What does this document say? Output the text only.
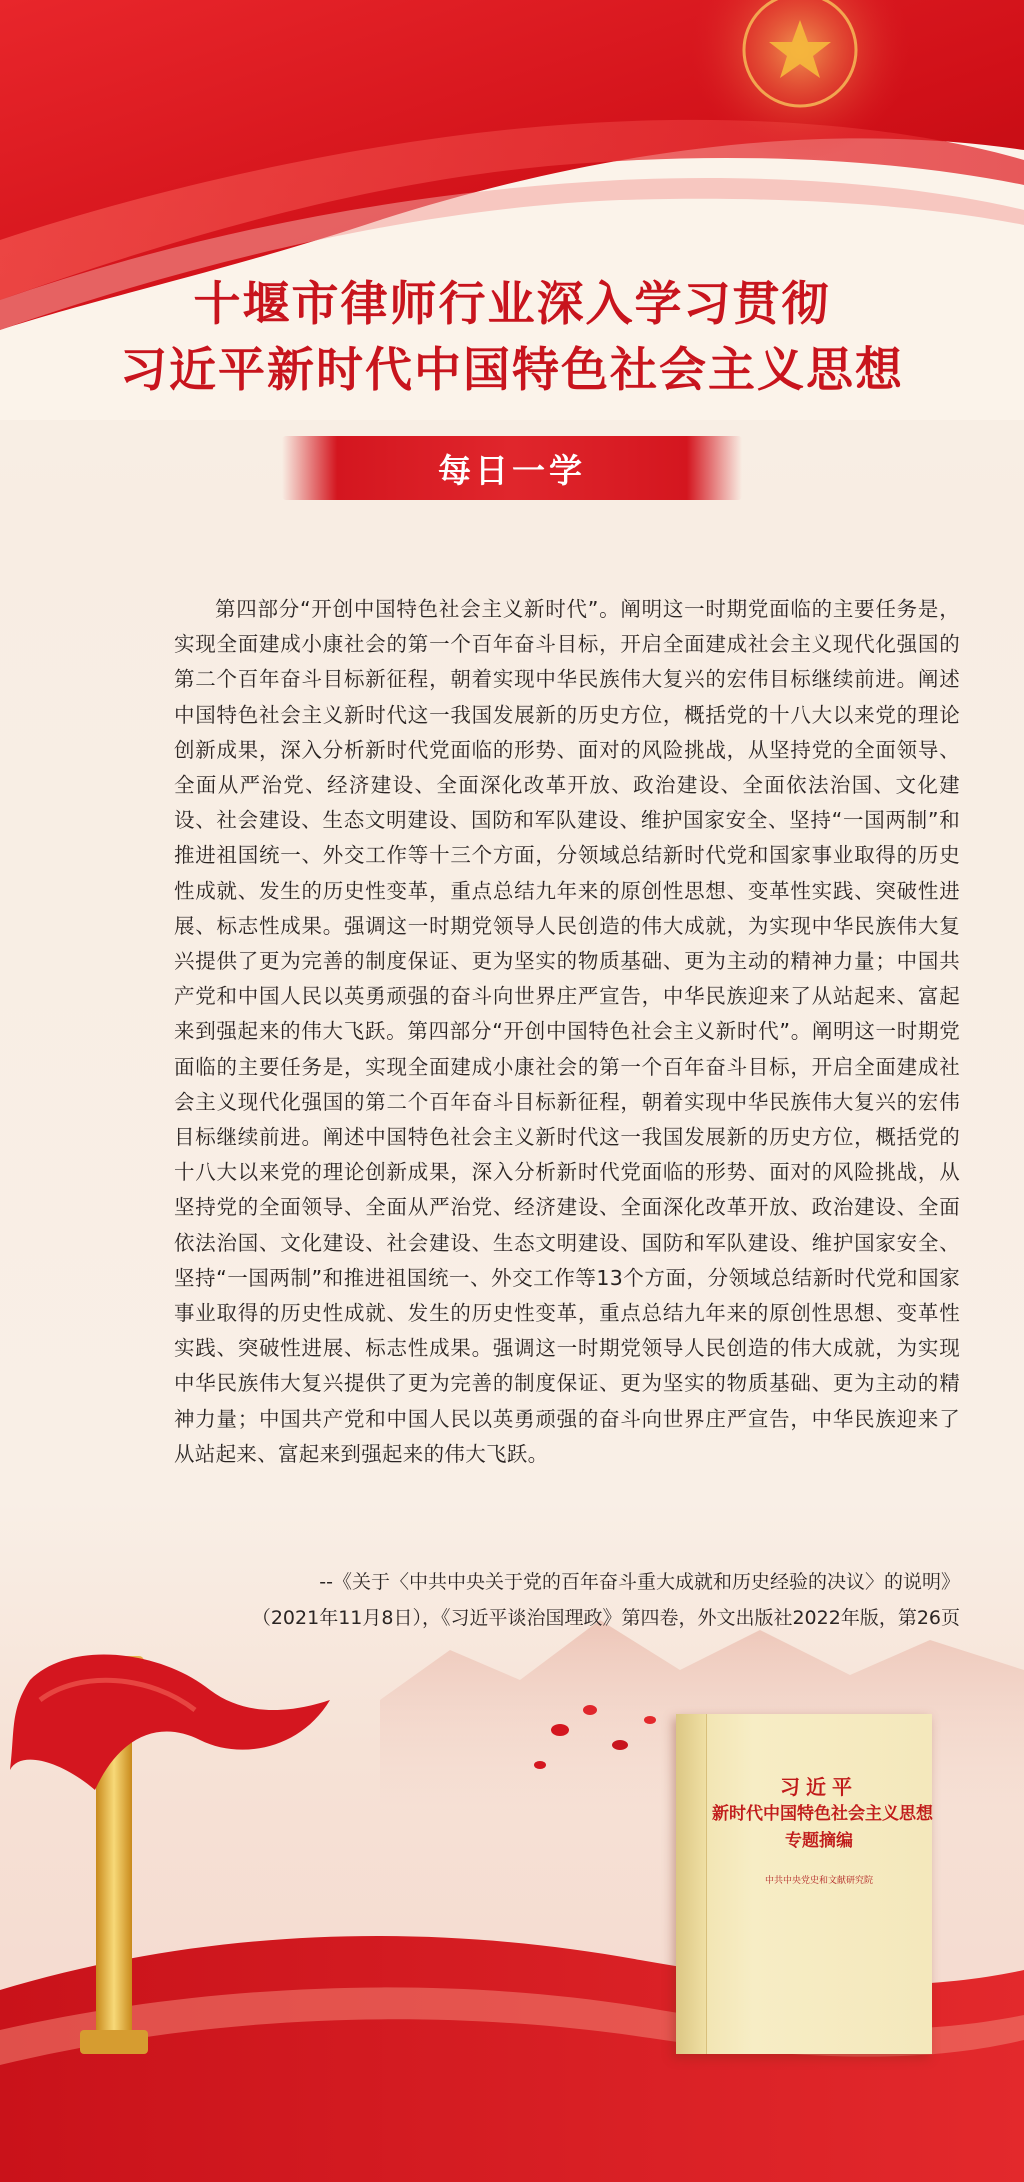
十堰市律师行业深入学习贯彻
习近平新时代中国特色社会主义思想
每日一学
第四部分“开创中国特色社会主义新时代”。阐明这一时期党面临的主要任务是，实现全面建成小康社会的第一个百年奋斗目标，开启全面建成社会主义现代化强国的第二个百年奋斗目标新征程，朝着实现中华民族伟大复兴的宏伟目标继续前进。阐述中国特色社会主义新时代这一我国发展新的历史方位，概括党的十八大以来党的理论创新成果，深入分析新时代党面临的形势、面对的风险挑战，从坚持党的全面领导、全面从严治党、经济建设、全面深化改革开放、政治建设、全面依法治国、文化建设、社会建设、生态文明建设、国防和军队建设、维护国家安全、坚持“一国两制”和推进祖国统一、外交工作等十三个方面，分领域总结新时代党和国家事业取得的历史性成就、发生的历史性变革，重点总结九年来的原创性思想、变革性实践、突破性进展、标志性成果。强调这一时期党领导人民创造的伟大成就，为实现中华民族伟大复兴提供了更为完善的制度保证、更为坚实的物质基础、更为主动的精神力量；中国共产党和中国人民以英勇顽强的奋斗向世界庄严宣告，中华民族迎来了从站起来、富起来到强起来的伟大飞跃。第四部分“开创中国特色社会主义新时代”。阐明这一时期党面临的主要任务是，实现全面建成小康社会的第一个百年奋斗目标，开启全面建成社会主义现代化强国的第二个百年奋斗目标新征程，朝着实现中华民族伟大复兴的宏伟目标继续前进。阐述中国特色社会主义新时代这一我国发展新的历史方位，概括党的十八大以来党的理论创新成果，深入分析新时代党面临的形势、面对的风险挑战，从坚持党的全面领导、全面从严治党、经济建设、全面深化改革开放、政治建设、全面依法治国、文化建设、社会建设、生态文明建设、国防和军队建设、维护国家安全、坚持“一国两制”和推进祖国统一、外交工作等13个方面，分领域总结新时代党和国家事业取得的历史性成就、发生的历史性变革，重点总结九年来的原创性思想、变革性实践、突破性进展、标志性成果。强调这一时期党领导人民创造的伟大成就，为实现中华民族伟大复兴提供了更为完善的制度保证、更为坚实的物质基础、更为主动的精神力量；中国共产党和中国人民以英勇顽强的奋斗向世界庄严宣告，中华民族迎来了从站起来、富起来到强起来的伟大飞跃。
--《关于〈中共中央关于党的百年奋斗重大成就和历史经验的决议〉的说明》
（2021年11月8日），《习近平谈治国理政》第四卷，外文出版社2022年版，第26页
习近平
新时代中国特色社会主义思想
专题摘编
中共中央党史和文献研究院
